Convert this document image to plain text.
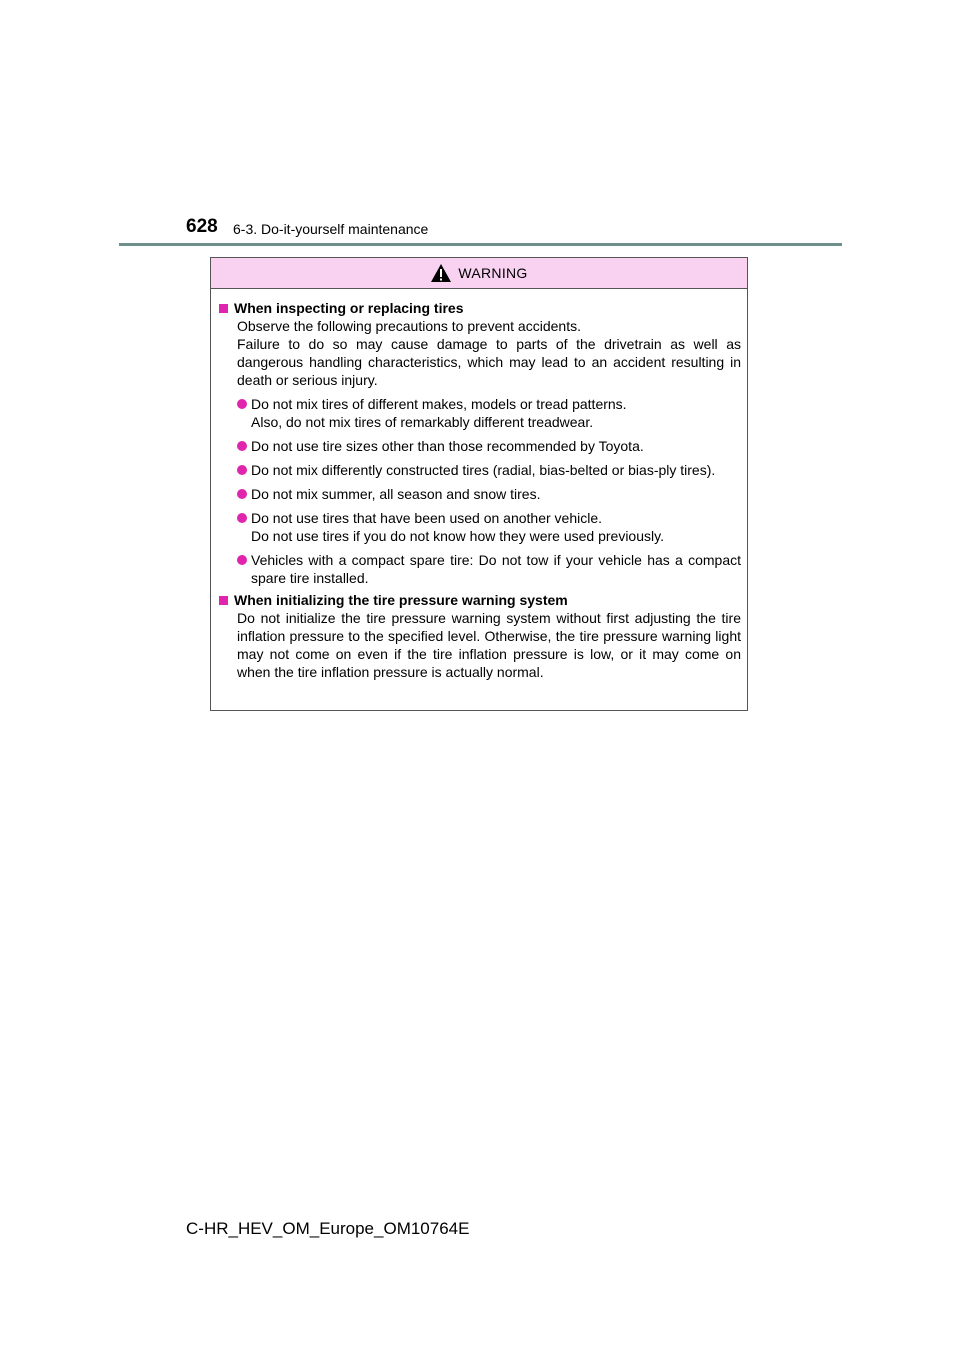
628 6-3. Do-it-yourself maintenance
WARNING
When inspecting or replacing tires
Observe the following precautions to prevent accidents.
Failure to do so may cause damage to parts of the drivetrain as well as dangerous handling characteristics, which may lead to an accident resulting in death or serious injury.
Do not mix tires of different makes, models or tread patterns.
Also, do not mix tires of remarkably different treadwear.
Do not use tire sizes other than those recommended by Toyota.
Do not mix differently constructed tires (radial, bias-belted or bias-ply tires).
Do not mix summer, all season and snow tires.
Do not use tires that have been used on another vehicle.
Do not use tires if you do not know how they were used previously.
Vehicles with a compact spare tire: Do not tow if your vehicle has a compact spare tire installed.
When initializing the tire pressure warning system
Do not initialize the tire pressure warning system without first adjusting the tire inflation pressure to the specified level. Otherwise, the tire pressure warning light may not come on even if the tire inflation pressure is low, or it may come on when the tire inflation pressure is actually normal.
C-HR_HEV_OM_Europe_OM10764E
